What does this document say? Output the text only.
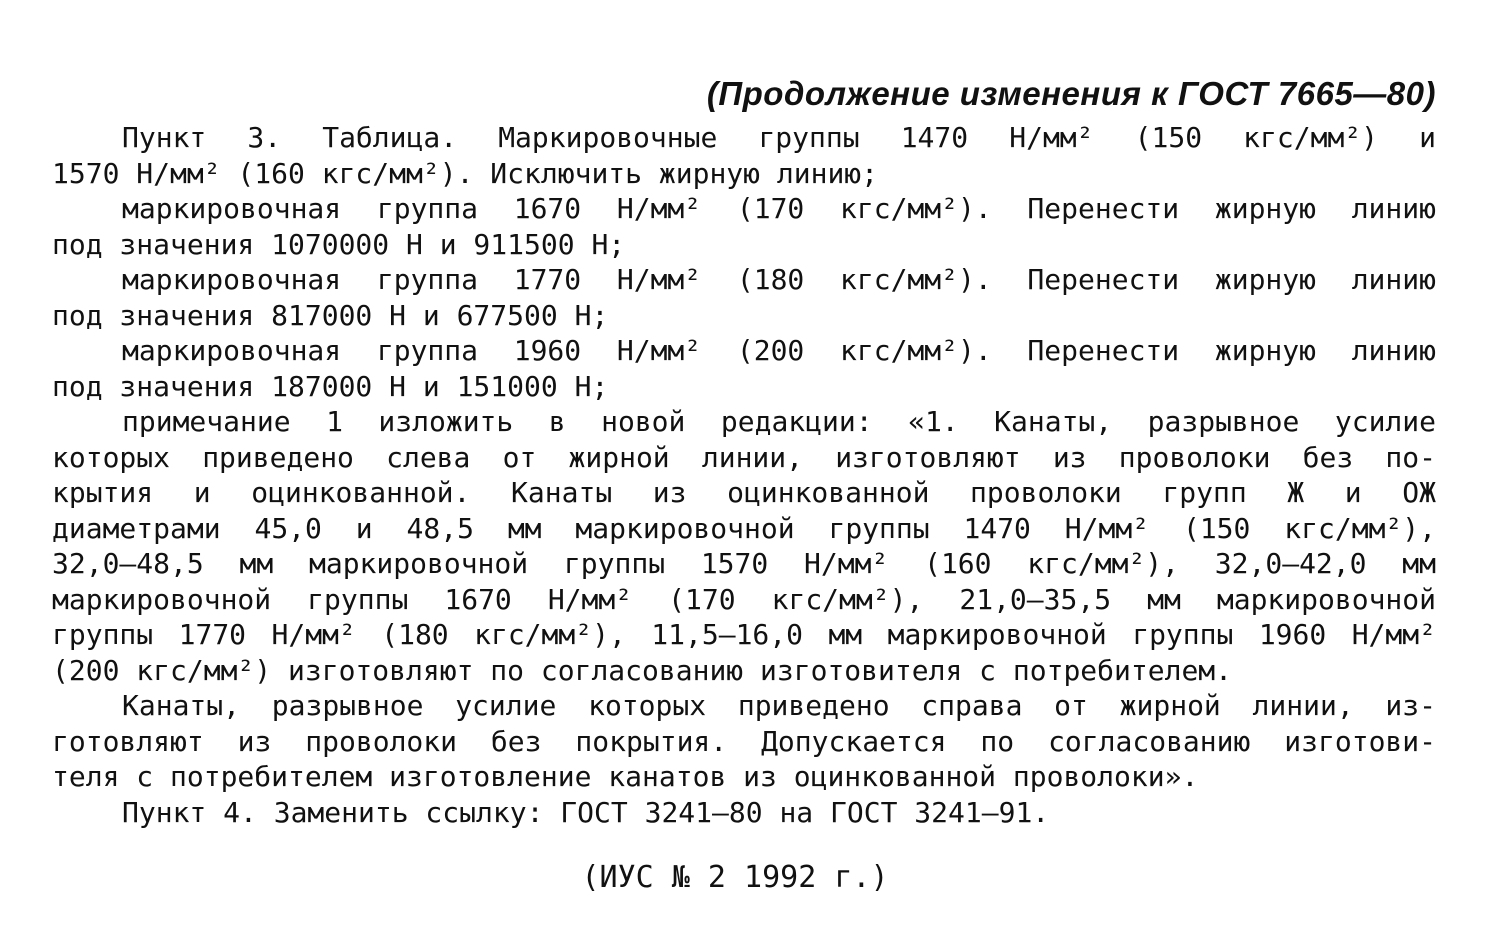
(Продолжение изменения к ГОСТ 7665—80)
Пункт 3. Таблица. Маркировочные группы 1470 Н/мм² (150 кгс/мм²) и
1570 Н/мм² (160 кгс/мм²). Исключить жирную линию;
маркировочная группа 1670 Н/мм² (170 кгс/мм²). Перенести жирную линию
под значения 1070000 Н и 911500 Н;
маркировочная группа 1770 Н/мм² (180 кгс/мм²). Перенести жирную линию
под значения 817000 Н и 677500 Н;
маркировочная группа 1960 Н/мм² (200 кгс/мм²). Перенести жирную линию
под значения 187000 Н и 151000 Н;
примечание 1 изложить в новой редакции: «1. Канаты, разрывное усилие
которых приведено слева от жирной линии, изготовляют из проволоки без по-
крытия и оцинкованной. Канаты из оцинкованной проволоки групп Ж и ОЖ
диаметрами 45,0 и 48,5 мм маркировочной группы 1470 Н/мм² (150 кгс/мм²),
32,0—48,5 мм маркировочной группы 1570 Н/мм² (160 кгс/мм²), 32,0—42,0 мм
маркировочной группы 1670 Н/мм² (170 кгс/мм²), 21,0—35,5 мм маркировочной
группы 1770 Н/мм² (180 кгс/мм²), 11,5—16,0 мм маркировочной группы 1960 Н/мм²
(200 кгс/мм²) изготовляют по согласованию изготовителя с потребителем.
Канаты, разрывное усилие которых приведено справа от жирной линии, из-
готовляют из проволоки без покрытия. Допускается по согласованию изготови-
теля с потребителем изготовление канатов из оцинкованной проволоки».
Пункт 4. Заменить ссылку: ГОСТ 3241—80 на ГОСТ 3241—91.
(ИУС № 2 1992 г.)
